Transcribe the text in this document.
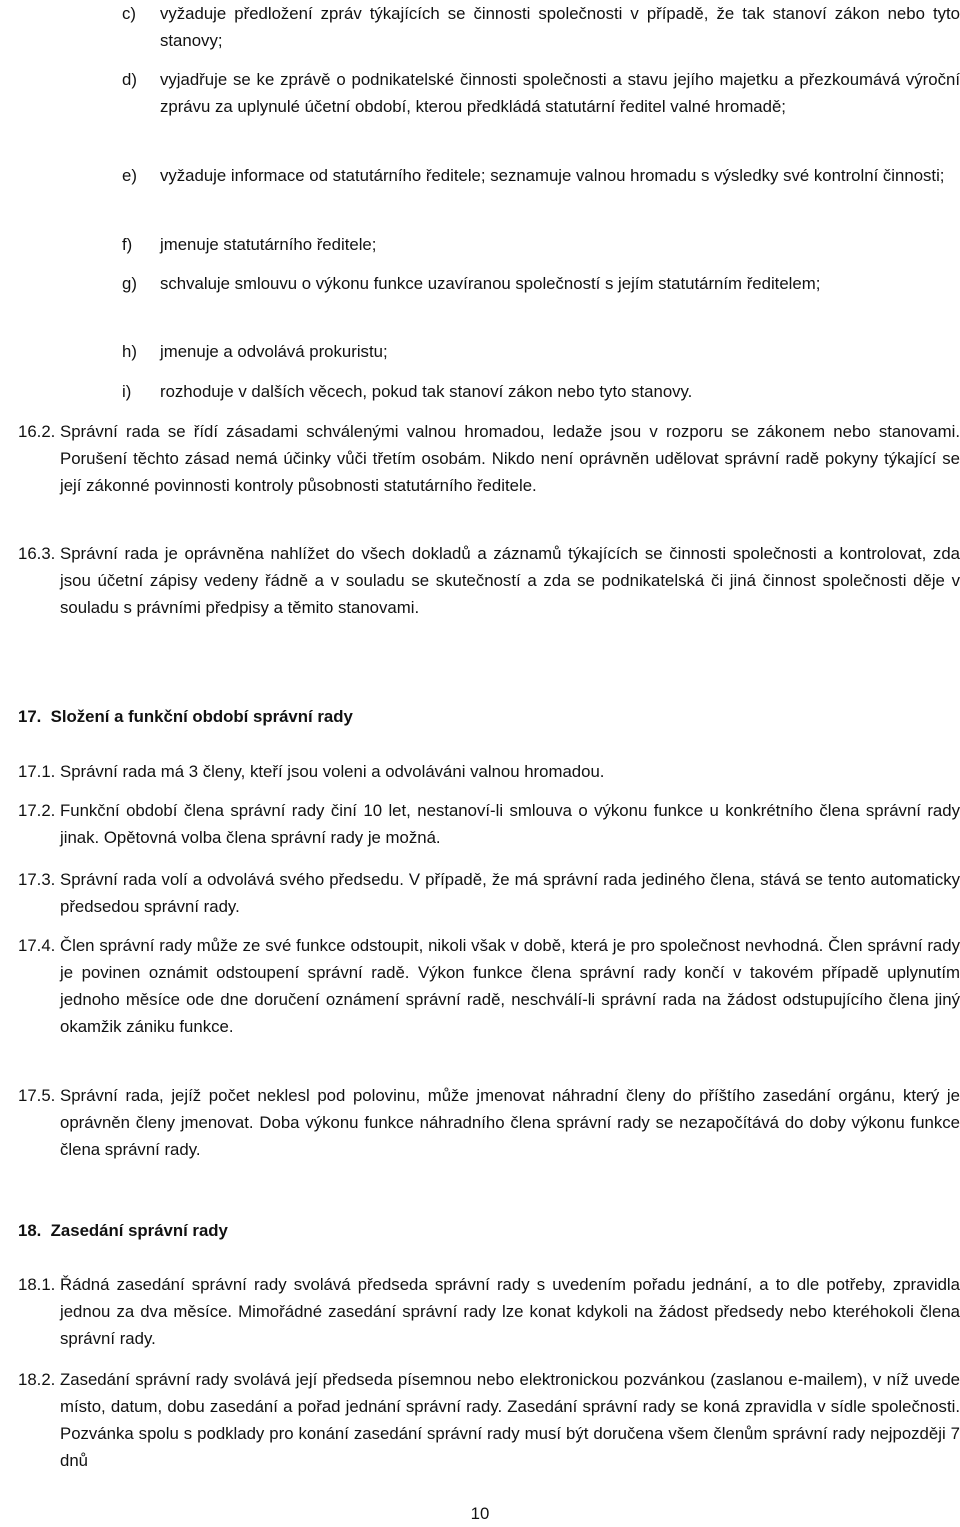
c)	vyžaduje předložení zpráv týkajících se činnosti společnosti v případě, že tak stanoví zákon nebo tyto stanovy;
d)	vyjadřuje se ke zprávě o podnikatelské činnosti společnosti a stavu jejího majetku a přezkoumává výroční zprávu za uplynulé účetní období, kterou předkládá statutární ředitel valné hromadě;
e)	vyžaduje informace od statutárního ředitele; seznamuje valnou hromadu s výsledky své kontrolní činnosti;
f)	jmenuje statutárního ředitele;
g)	schvaluje smlouvu o výkonu funkce uzavíranou společností s jejím statutárním ředitelem;
h)	jmenuje a odvolává prokuristu;
i)	rozhoduje v dalších věcech, pokud tak stanoví zákon nebo tyto stanovy.
16.2. Správní rada se řídí zásadami schválenými valnou hromadou, ledaže jsou v rozporu se zákonem nebo stanovami. Porušení těchto zásad nemá účinky vůči třetím osobám. Nikdo není oprávněn udělovat správní radě pokyny týkající se její zákonné povinnosti kontroly působnosti statutárního ředitele.
16.3. Správní rada je oprávněna nahlížet do všech dokladů a záznamů týkajících se činnosti společnosti a kontrolovat, zda jsou účetní zápisy vedeny řádně a v souladu se skutečností a zda se podnikatelská či jiná činnost společnosti děje v souladu s právními předpisy a těmito stanovami.
17. Složení a funkční období správní rady
17.1. Správní rada má 3 členy, kteří jsou voleni a odvoláváni valnou hromadou.
17.2. Funkční období člena správní rady činí 10 let, nestanoví-li smlouva o výkonu funkce u konkrétního člena správní rady jinak. Opětovná volba člena správní rady je možná.
17.3. Správní rada volí a odvolává svého předsedu. V případě, že má správní rada jediného člena, stává se tento automaticky předsedou správní rady.
17.4. Člen správní rady může ze své funkce odstoupit, nikoli však v době, která je pro společnost nevhodná. Člen správní rady je povinen oznámit odstoupení správní radě. Výkon funkce člena správní rady končí v takovém případě uplynutím jednoho měsíce ode dne doručení oznámení správní radě, neschválí-li správní rada na žádost odstupujícího člena jiný okamžik zániku funkce.
17.5. Správní rada, jejíž počet neklesl pod polovinu, může jmenovat náhradní členy do příštího zasedání orgánu, který je oprávněn členy jmenovat. Doba výkonu funkce náhradního člena správní rady se nezapočítává do doby výkonu funkce člena správní rady.
18. Zasedání správní rady
18.1. Řádná zasedání správní rady svolává předseda správní rady s uvedením pořadu jednání, a to dle potřeby, zpravidla jednou za dva měsíce. Mimořádné zasedání správní rady lze konat kdykoli na žádost předsedy nebo kteréhokoli člena správní rady.
18.2. Zasedání správní rady svolává její předseda písemnou nebo elektronickou pozvánkou (zaslanou e-mailem), v níž uvede místo, datum, dobu zasedání a pořad jednání správní rady. Zasedání správní rady se koná zpravidla v sídle společnosti. Pozvánka spolu s podklady pro konání zasedání správní rady musí být doručena všem členům správní rady nejpozději 7 dnů
10
